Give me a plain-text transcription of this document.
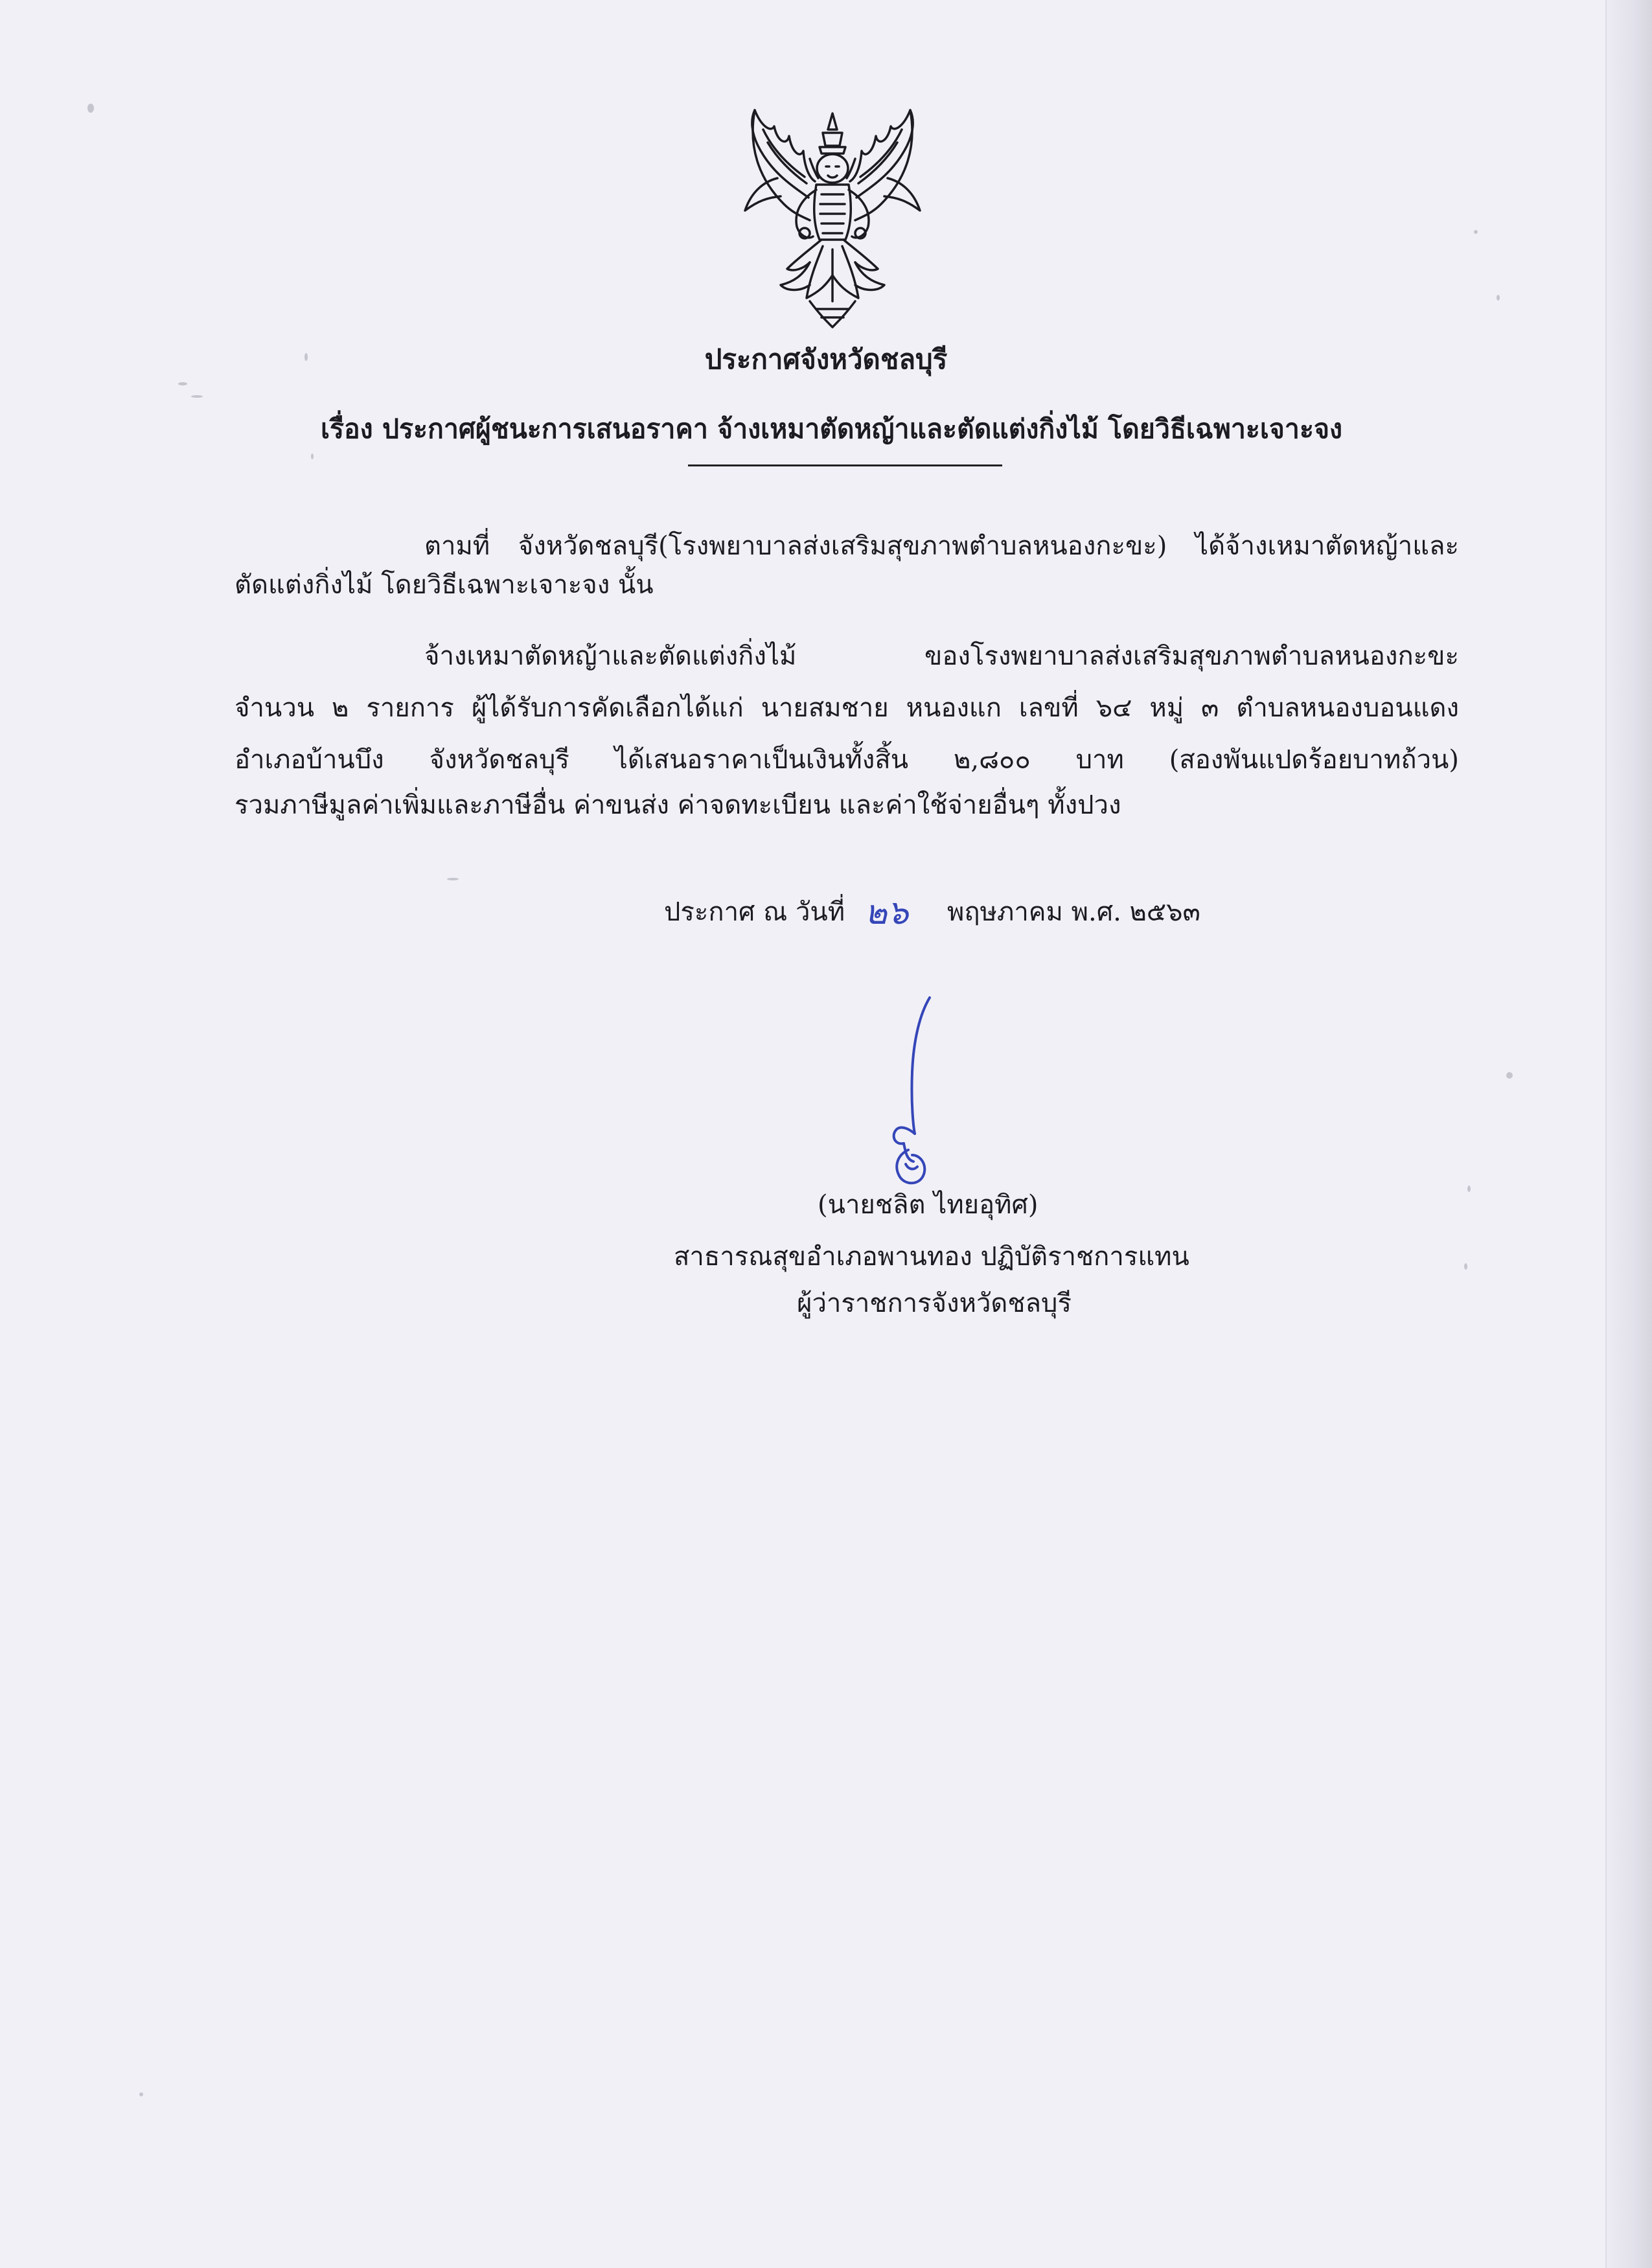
ประกาศจังหวัดชลบุรี
เรื่อง ประกาศผู้ชนะการเสนอราคา จ้างเหมาตัดหญ้าและตัดแต่งกิ่งไม้ โดยวิธีเฉพาะเจาะจง
ตามที่ จังหวัดชลบุรี(โรงพยาบาลส่งเสริมสุขภาพตำบลหนองกะขะ) ได้จ้างเหมาตัดหญ้าและ
ตัดแต่งกิ่งไม้ โดยวิธีเฉพาะเจาะจง นั้น
จ้างเหมาตัดหญ้าและตัดแต่งกิ่งไม้ ของโรงพยาบาลส่งเสริมสุขภาพตำบลหนองกะขะ
จำนวน ๒ รายการ ผู้ได้รับการคัดเลือกได้แก่ นายสมชาย หนองแก เลขที่ ๖๔ หมู่ ๓ ตำบลหนองบอนแดง
อำเภอบ้านบึง จังหวัดชลบุรี ได้เสนอราคาเป็นเงินทั้งสิ้น ๒,๘๐๐ บาท (สองพันแปดร้อยบาทถ้วน)
รวมภาษีมูลค่าเพิ่มและภาษีอื่น ค่าขนส่ง ค่าจดทะเบียน และค่าใช้จ่ายอื่นๆ ทั้งปวง
ประกาศ ณ วันที่ ๒๖ พฤษภาคม พ.ศ. ๒๕๖๓
(นายชลิต ไทยอุทิศ)
สาธารณสุขอำเภอพานทอง ปฏิบัติราชการแทน
ผู้ว่าราชการจังหวัดชลบุรี
